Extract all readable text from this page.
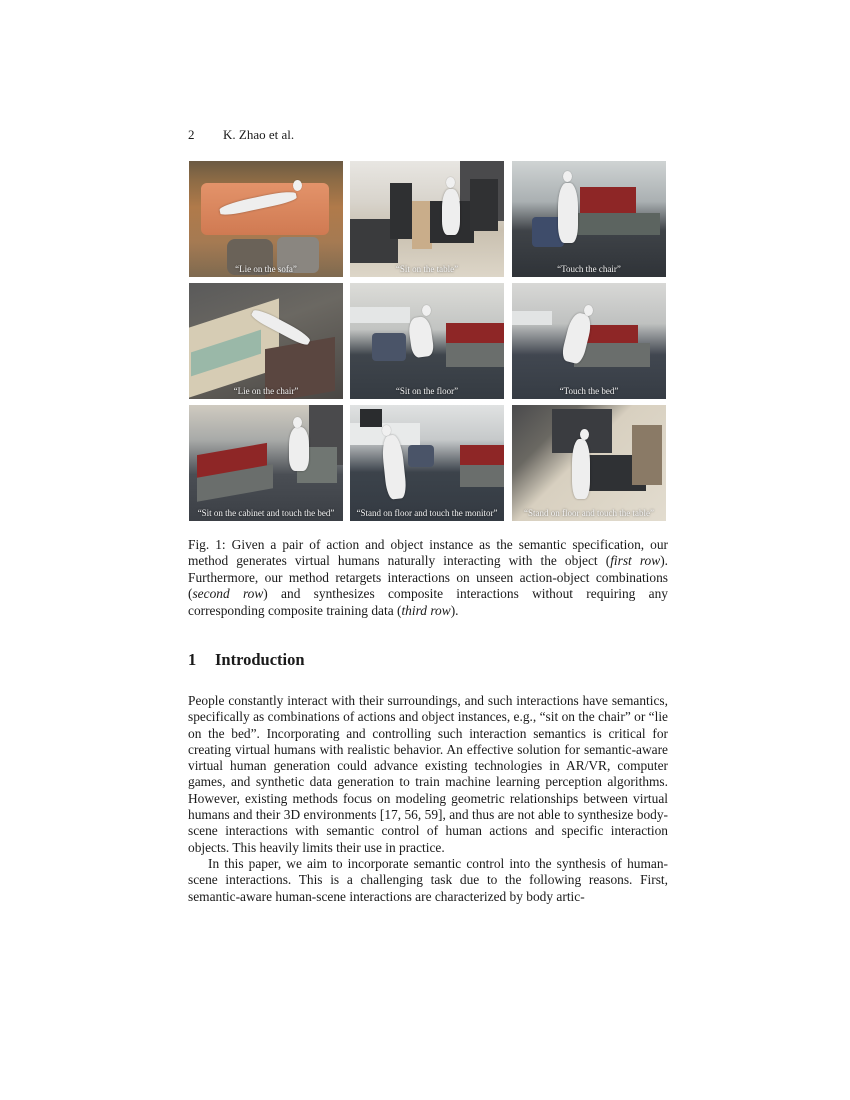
2 K. Zhao et al.
“Lie on the sofa”	“Sit on the table”	“Touch the chair”
“Lie on the chair”	“Sit on the floor”	“Touch the bed”
“Sit on the cabinet and touch the bed”	“Stand on floor and touch the monitor”	“Stand on floor and touch the table”

Fig. 1: Given a pair of action and object instance as the semantic specification, our method generates virtual humans naturally interacting with the object (first row). Furthermore, our method retargets interactions on unseen action-object combinations (second row) and synthesizes composite interactions without requiring any corresponding composite training data (third row).

1 Introduction

People constantly interact with their surroundings, and such interactions have semantics, specifically as combinations of actions and object instances, e.g., “sit on the chair” or “lie on the bed”. Incorporating and controlling such interaction semantics is critical for creating virtual humans with realistic behavior. An effective solution for semantic-aware virtual human generation could advance existing technologies in AR/VR, computer games, and synthetic data generation to train machine learning perception algorithms. However, existing methods focus on modeling geometric relationships between virtual humans and their 3D environments [17, 56, 59], and thus are not able to synthesize body-scene interactions with semantic control of human actions and specific interaction objects. This heavily limits their use in practice.

In this paper, we aim to incorporate semantic control into the synthesis of human-scene interactions. This is a challenging task due to the following reasons. First, semantic-aware human-scene interactions are characterized by body artic-
